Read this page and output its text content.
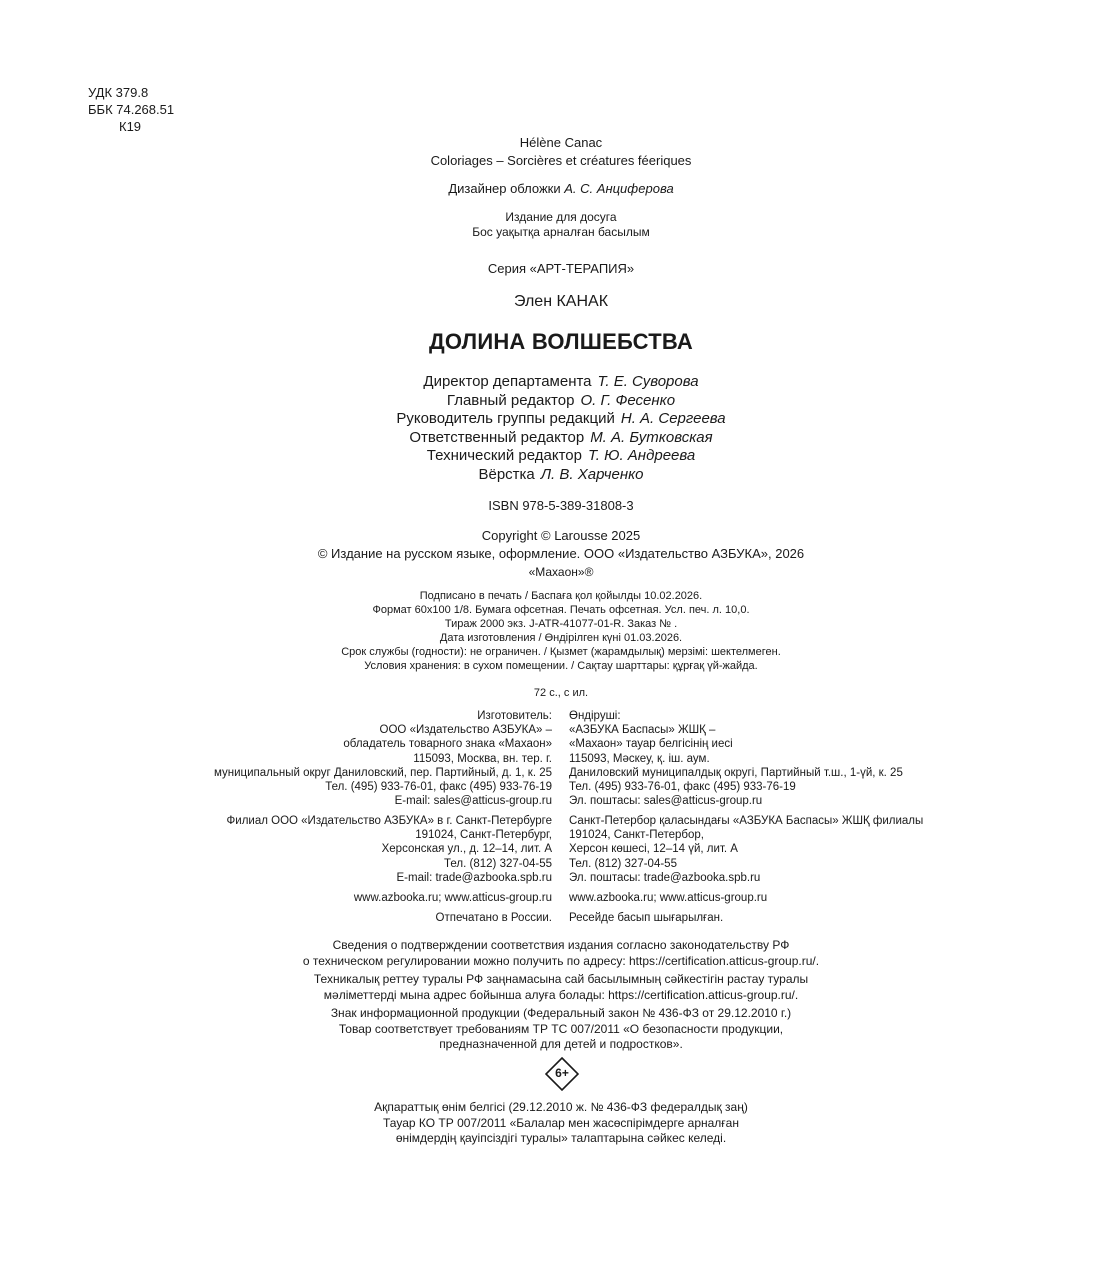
УДК 379.8
ББК 74.268.51
К19
Hélène Canac
Coloriages – Sorcières et créatures féeriques
Дизайнер обложки А. С. Анциферова
Издание для досуга
Бос уақытқа арналған басылым
Серия «АРТ-ТЕРАПИЯ»
Элен КАНАК
ДОЛИНА ВОЛШЕБСТВА
Директор департамента Т. Е. Суворова
Главный редактор О. Г. Фесенко
Руководитель группы редакций Н. А. Сергеева
Ответственный редактор М. А. Бутковская
Технический редактор Т. Ю. Андреева
Вёрстка Л. В. Харченко
ISBN 978-5-389-31808-3
Copyright © Larousse 2025
© Издание на русском языке, оформление. ООО «Издательство АЗБУКА», 2026
«Махаон»®
Подписано в печать / Баспаға қол қойылды 10.02.2026.
Формат 60x100 1/8. Бумага офсетная. Печать офсетная. Усл. печ. л. 10,0.
Тираж 2000 экз. J-ATR-41077-01-R. Заказ № .
Дата изготовления / Өндірілген күні 01.03.2026.
Срок службы (годности): не ограничен. / Қызмет (жарамдылық) мерзімі: шектелмеген.
Условия хранения: в сухом помещении. / Сақтау шарттары: құрғақ үй-жайда.
72 с., с ил.
Изготовитель:	Өндіруші:
ООО «Издательство АЗБУКА» –	«АЗБУКА Баспасы» ЖШҚ –
обладатель товарного знака «Махаон»	«Махаон» тауар белгісінің иесі
115093, Москва, вн. тер. г.	115093, Мәскеу, қ. іш. аум.
муниципальный округ Даниловский, пер. Партийный, д. 1, к. 25	Даниловский муниципалдық округі, Партийный т.ш., 1-үй, к. 25
Тел. (495) 933-76-01, факс (495) 933-76-19	Тел. (495) 933-76-01, факс (495) 933-76-19
E-mail: sales@atticus-group.ru	Эл. поштасы: sales@atticus-group.ru
Филиал ООО «Издательство АЗБУКА» в г. Санкт-Петербурге	Санкт-Петербор қаласындағы «АЗБУКА Баспасы» ЖШҚ филиалы
191024, Санкт-Петербург,	191024, Санкт-Петербор,
Херсонская ул., д. 12–14, лит. А	Херсон көшесі, 12–14 үй, лит. А
Тел. (812) 327-04-55	Тел. (812) 327-04-55
E-mail: trade@azbooka.spb.ru	Эл. поштасы: trade@azbooka.spb.ru
www.azbooka.ru; www.atticus-group.ru	www.azbooka.ru; www.atticus-group.ru
Отпечатано в России.	Ресейде басып шығарылған.
Сведения о подтверждении соответствия издания согласно законодательству РФ
о техническом регулировании можно получить по адресу: https://certification.atticus-group.ru/.
Техникалық реттеу туралы РФ заңнамасына сай басылымның сәйкестігін растау туралы
мәліметтерді мына адрес бойынша алуға болады: https://certification.atticus-group.ru/.
Знак информационной продукции (Федеральный закон № 436-ФЗ от 29.12.2010 г.)
Товар соответствует требованиям ТР ТС 007/2011 «О безопасности продукции,
предназначенной для детей и подростков».
6+
Ақпараттық өнім белгісі (29.12.2010 ж. № 436-ФЗ федералдық заң)
Тауар КО ТР 007/2011 «Балалар мен жасөспірімдерге арналған
өнімдердің қауіпсіздігі туралы» талаптарына сәйкес келеді.
